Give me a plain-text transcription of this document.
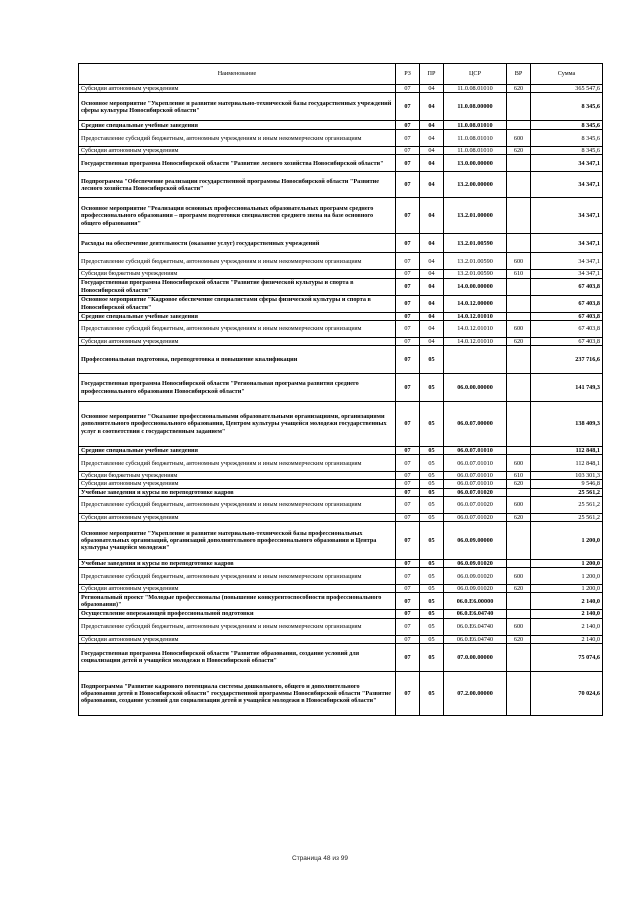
Наименование	РЗ	ПР	ЦСР	ВР	Сумма
Субсидии автономным учреждениям	07	04	11.0.08.01010	620	365 547,6
Основное мероприятие "Укрепление и развитие материально-технической базы государственных учреждений сферы культуры Новосибирской области"	07	04	11.0.08.00000		8 345,6
Средние специальные учебные заведения	07	04	11.0.08.01010		8 345,6
Предоставление субсидий бюджетным, автономным учреждениям и иным некоммерческим организациям	07	04	11.0.08.01010	600	8 345,6
Субсидии автономным учреждениям	07	04	11.0.08.01010	620	8 345,6
Государственная программа Новосибирской области "Развитие лесного хозяйства Новосибирской области"	07	04	13.0.00.00000		34 347,1
Подпрограмма "Обеспечение реализации государственной программы Новосибирской области "Развитие лесного хозяйства Новосибирской области"	07	04	13.2.00.00000		34 347,1
Основное мероприятие "Реализация основных профессиональных образовательных программ среднего профессионального образования – программ подготовки специалистов среднего звена на базе основного общего образования"	07	04	13.2.01.00000		34 347,1
Расходы на обеспечение деятельности (оказание услуг) государственных учреждений	07	04	13.2.01.00590		34 347,1
Предоставление субсидий бюджетным, автономным учреждениям и иным некоммерческим организациям	07	04	13.2.01.00590	600	34 347,1
Субсидии бюджетным учреждениям	07	04	13.2.01.00590	610	34 347,1
Государственная программа Новосибирской области "Развитие физической культуры и спорта в Новосибирской области"	07	04	14.0.00.00000		67 403,8
Основное мероприятие "Кадровое обеспечение специалистами сферы физической культуры и спорта в Новосибирской области"	07	04	14.0.12.00000		67 403,8
Средние специальные учебные заведения	07	04	14.0.12.01010		67 403,8
Предоставление субсидий бюджетным, автономным учреждениям и иным некоммерческим организациям	07	04	14.0.12.01010	600	67 403,8
Субсидии автономным учреждениям	07	04	14.0.12.01010	620	67 403,8
Профессиональная подготовка, переподготовка и повышение квалификации	07	05			237 716,6
Государственная программа Новосибирской области "Региональная программа развития среднего профессионального образования Новосибирской области"	07	05	06.0.00.00000		141 749,3
Основное мероприятие "Оказание профессиональными образовательными организациями, организациями дополнительного профессионального образования, Центром культуры учащейся молодежи государственных услуг в соответствии с государственным заданием"	07	05	06.0.07.00000		138 409,3
Средние специальные учебные заведения	07	05	06.0.07.01010		112 848,1
Предоставление субсидий бюджетным, автономным учреждениям и иным некоммерческим организациям	07	05	06.0.07.01010	600	112 848,1
Субсидии бюджетным учреждениям	07	05	06.0.07.01010	610	103 301,3
Субсидии автономным учреждениям	07	05	06.0.07.01010	620	9 546,8
Учебные заведения и курсы по переподготовке кадров	07	05	06.0.07.01020		25 561,2
Предоставление субсидий бюджетным, автономным учреждениям и иным некоммерческим организациям	07	05	06.0.07.01020	600	25 561,2
Субсидии автономным учреждениям	07	05	06.0.07.01020	620	25 561,2
Основное мероприятие "Укрепление и развитие материально-технической базы профессиональных образовательных организаций, организаций дополнительного профессионального образования и Центра культуры учащейся молодежи"	07	05	06.0.09.00000		1 200,0
Учебные заведения и курсы по переподготовке кадров	07	05	06.0.09.01020		1 200,0
Предоставление субсидий бюджетным, автономным учреждениям и иным некоммерческим организациям	07	05	06.0.09.01020	600	1 200,0
Субсидии автономным учреждениям	07	05	06.0.09.01020	620	1 200,0
Региональный проект "Молодые профессионалы (повышение конкурентоспособности профессионального образования)"	07	05	06.0.E6.00000		2 140,0
Осуществление опережающей профессиональной подготовки	07	05	06.0.E6.04740		2 140,0
Предоставление субсидий бюджетным, автономным учреждениям и иным некоммерческим организациям	07	05	06.0.E6.04740	600	2 140,0
Субсидии автономным учреждениям	07	05	06.0.E6.04740	620	2 140,0
Государственная программа Новосибирской области "Развитие образования, создание условий для социализации детей и учащейся молодежи в Новосибирской области"	07	05	07.0.00.00000		75 074,6
Подпрограмма "Развитие кадрового потенциала системы дошкольного, общего и дополнительного образования детей в Новосибирской области" государственной программы Новосибирской области "Развитие образования, создание условий для социализации детей и учащейся молодежи в Новосибирской области"	07	05	07.2.00.00000		70 024,6
Страница 48 из 99
